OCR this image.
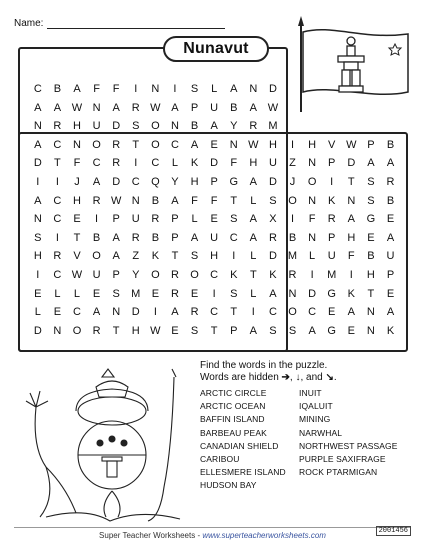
Name:
Nunavut
C	B	A	F	F	I	N	I	S	L	A	N	D
A	A W N	A	R W A	P	U	B	A W
N	R	H	U	D	S	O	N	B	A	Y	R	M
A	C	N	O	R	T	O	C	A	E	N W H	I	H	V W P	B
D	T	F	C	R	I	C	L	K	D	F	H	U	Z	N	P	D	A	A
I	I	J	A	D	C	Q	Y	H	P	G	A	D	J	O	I	T	S	R
A	C	H	R W N	B	A	F	F	T	L	S	O	N	K	N	S	B
N	C	E	I	P	U	R	P	L	E	S	A	X	I	F	R	A	G	E
S	I	T	B	A	R	B	P	A	U	C	A	R	B	N	P	H	E	A
H	R	V	O	A	Z	K	T	S	H	I	L	D	M	L	U	F	B	U
I	C W U	P	Y	O	R	O	C	K	T	K	R	I	M	I	H	P
E	L	L	E	S	M	E	R	E	I	S	L	A	N	D	G	K	T	E
L	E	C	A	N	D	I	A	R	C	T	I	C	O	C	E	A	N	A
D	N	O	R	T	H W E	S	T	P	A	S	S	A	G	E	N	K
Find the words in the puzzle.
Words are hidden ➔, ↓, and ↘.
ARCTIC CIRCLE
ARCTIC OCEAN
BAFFIN ISLAND
BARBEAU PEAK
CANADIAN SHIELD
CARIBOU
ELLESMERE ISLAND
HUDSON BAY
INUIT
IQALUIT
MINING
NARWHAL
NORTHWEST PASSAGE
PURPLE SAXIFRAGE
ROCK PTARMIGAN
Super Teacher Worksheets - www.superteacherworksheets.com	2001456
